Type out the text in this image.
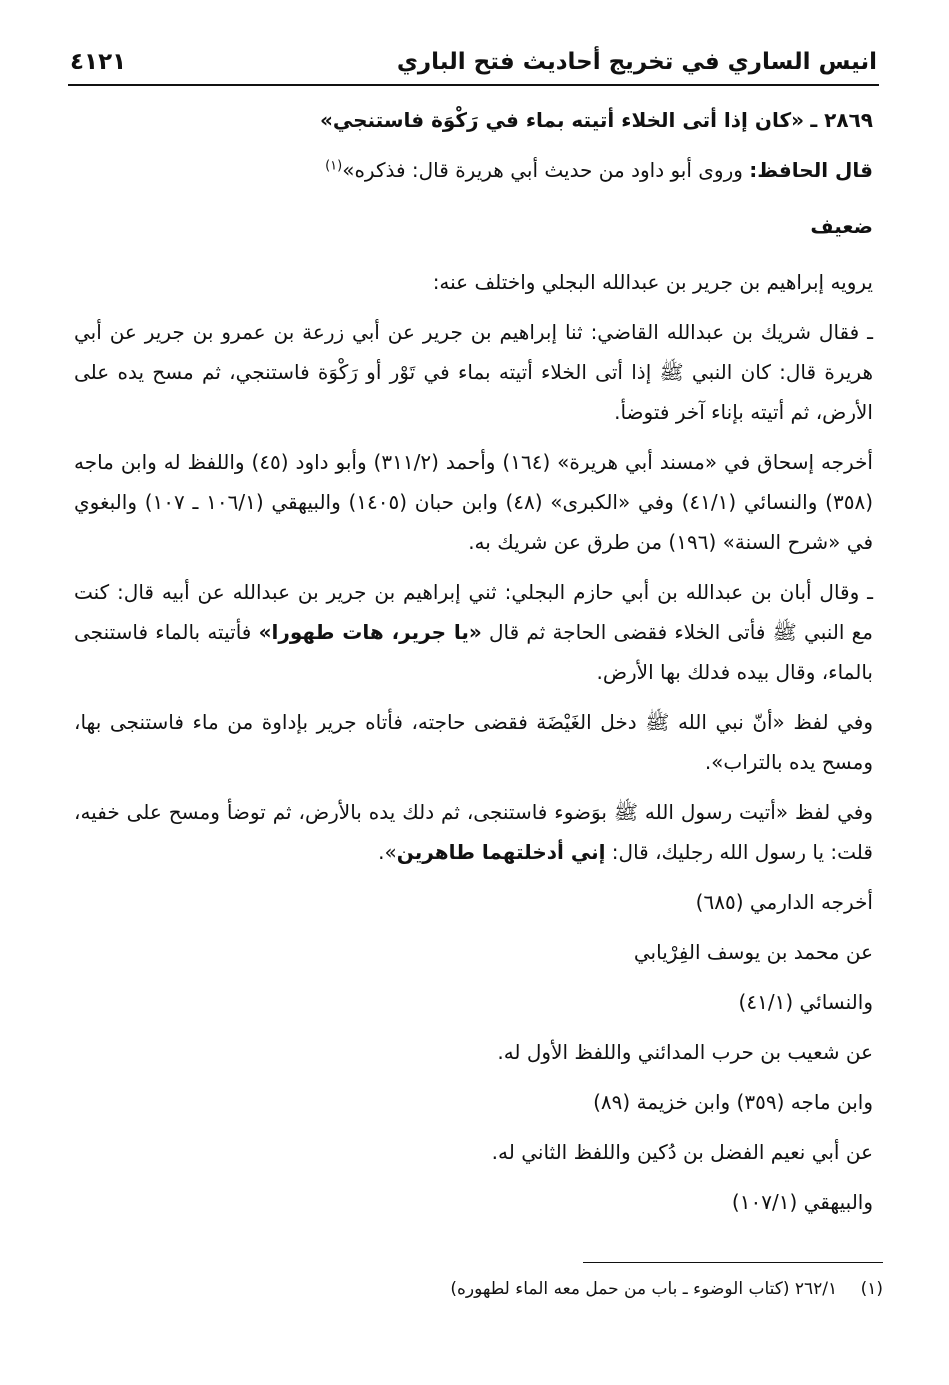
انيس الساري في تخريج أحاديث فتح الباري
٤١٢١

٢٨٦٩ ـ «كان إذا أتى الخلاء أتيته بماء في رَكْوَة فاستنجي»

قال الحافظ: وروى أبو داود من حديث أبي هريرة قال: فذكره»$^{(١)}$

ضعيف

يرويه إبراهيم بن جرير بن عبدالله البجلي واختلف عنه:

ـ فقال شريك بن عبدالله القاضي: ثنا إبراهيم بن جرير عن أبي زرعة بن عمرو بن جرير عن أبي هريرة قال: كان النبي ﷺ إذا أتى الخلاء أتيته بماء في تَوْر أو رَكْوَة فاستنجي، ثم مسح يده على الأرض، ثم أتيته بإناء آخر فتوضأ.

أخرجه إسحاق في «مسند أبي هريرة» (١٦٤) وأحمد (٣١١/٢) وأبو داود (٤٥) واللفظ له وابن ماجه (٣٥٨) والنسائي (٤١/١) وفي «الكبرى» (٤٨) وابن حبان (١٤٠٥) والبيهقي (١٠٦/١ ـ ١٠٧) والبغوي في «شرح السنة» (١٩٦) من طرق عن شريك به.

ـ وقال أبان بن عبدالله بن أبي حازم البجلي: ثني إبراهيم بن جرير بن عبدالله عن أبيه قال: كنت مع النبي ﷺ فأتى الخلاء فقضى الحاجة ثم قال «يا جرير، هات طهورا» فأتيته بالماء فاستنجى بالماء، وقال بيده فدلك بها الأرض.

وفي لفظ «أنّ نبي الله ﷺ دخل الغَيْضَة فقضى حاجته، فأتاه جرير بإداوة من ماء فاستنجى بها، ومسح يده بالتراب».

وفي لفظ «أتيت رسول الله ﷺ بوَضوء فاستنجى، ثم دلك يده بالأرض، ثم توضأ ومسح على خفيه، قلت: يا رسول الله رجليك، قال: إني أدخلتهما طاهرين».

أخرجه الدارمي (٦٨٥)

عن محمد بن يوسف الفِرْيابي

والنسائي (٤١/١)

عن شعيب بن حرب المدائني واللفظ الأول له.

وابن ماجه (٣٥٩) وابن خزيمة (٨٩)

عن أبي نعيم الفضل بن دُكين واللفظ الثاني له.

والبيهقي (١٠٧/١)

(١) ٢٦٢/١ (كتاب الوضوء ـ باب من حمل معه الماء لطهوره)
